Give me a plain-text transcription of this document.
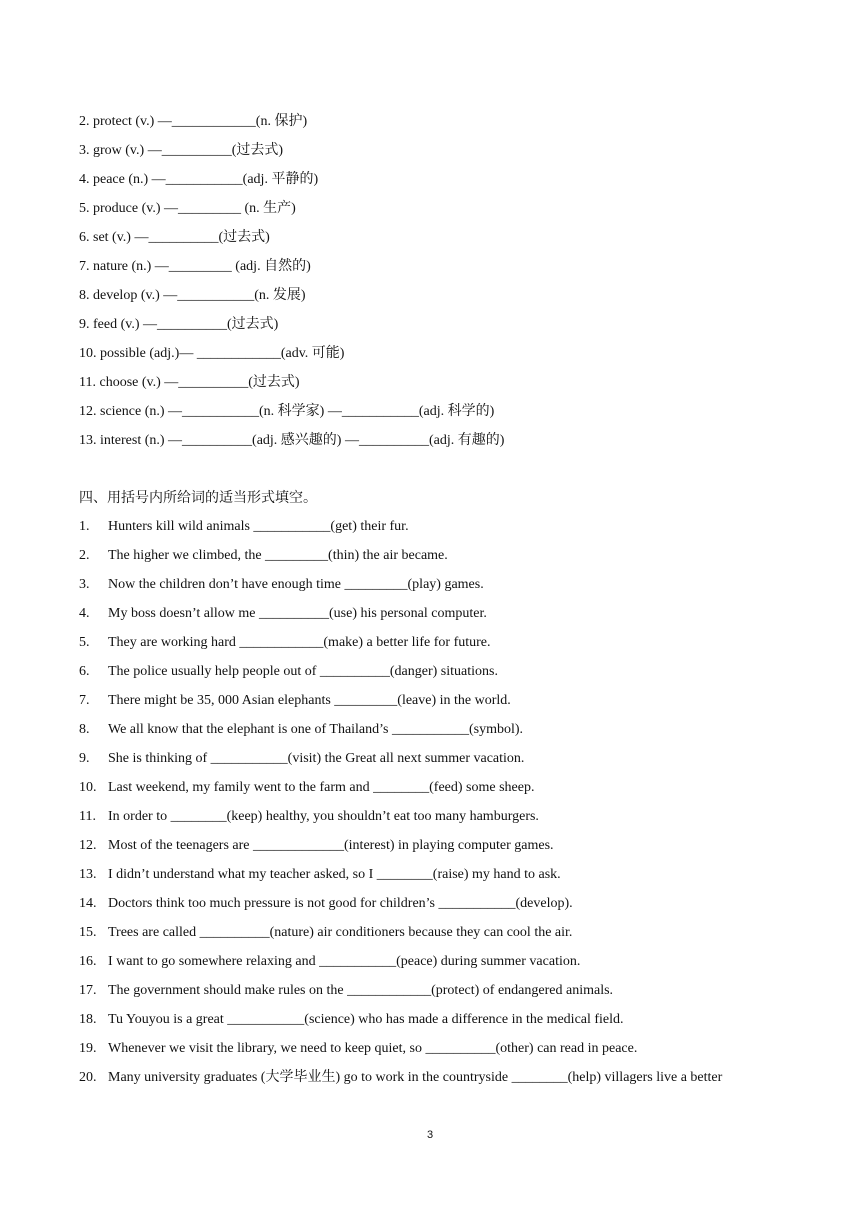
2. protect (v.) —____________(n. 保护)
3. grow (v.) —__________(过去式)
4. peace (n.) —___________(adj. 平静的)
5. produce (v.) —_________ (n. 生产)
6. set (v.) —__________(过去式)
7. nature (n.) —_________ (adj. 自然的)
8. develop (v.) —___________(n. 发展)
9. feed (v.) —__________(过去式)
10. possible (adj.)— ____________(adv. 可能)
11. choose (v.) —__________(过去式)
12. science (n.) —___________(n. 科学家) —___________(adj. 科学的)
13. interest (n.) —__________(adj. 感兴趣的) —__________(adj. 有趣的)
四、用括号内所给词的适当形式填空。
1. Hunters kill wild animals ___________(get) their fur.
2. The higher we climbed, the _________(thin) the air became.
3. Now the children don’t have enough time _________(play) games.
4. My boss doesn’t allow me __________(use) his personal computer.
5. They are working hard ____________(make) a better life for future.
6. The police usually help people out of __________(danger) situations.
7. There might be 35, 000 Asian elephants _________(leave) in the world.
8. We all know that the elephant is one of Thailand’s ___________(symbol).
9. She is thinking of ___________(visit) the Great all next summer vacation.
10. Last weekend, my family went to the farm and ________(feed) some sheep.
11. In order to ________(keep) healthy, you shouldn’t eat too many hamburgers.
12. Most of the teenagers are _____________(interest) in playing computer games.
13. I didn’t understand what my teacher asked, so I ________(raise) my hand to ask.
14. Doctors think too much pressure is not good for children’s ___________(develop).
15. Trees are called __________(nature) air conditioners because they can cool the air.
16. I want to go somewhere relaxing and ___________(peace) during summer vacation.
17. The government should make rules on the ____________(protect) of endangered animals.
18. Tu Youyou is a great ___________(science) who has made a difference in the medical field.
19. Whenever we visit the library, we need to keep quiet, so __________(other) can read in peace.
20. Many university graduates (大学毕业生) go to work in the countryside ________(help) villagers live a better
3
